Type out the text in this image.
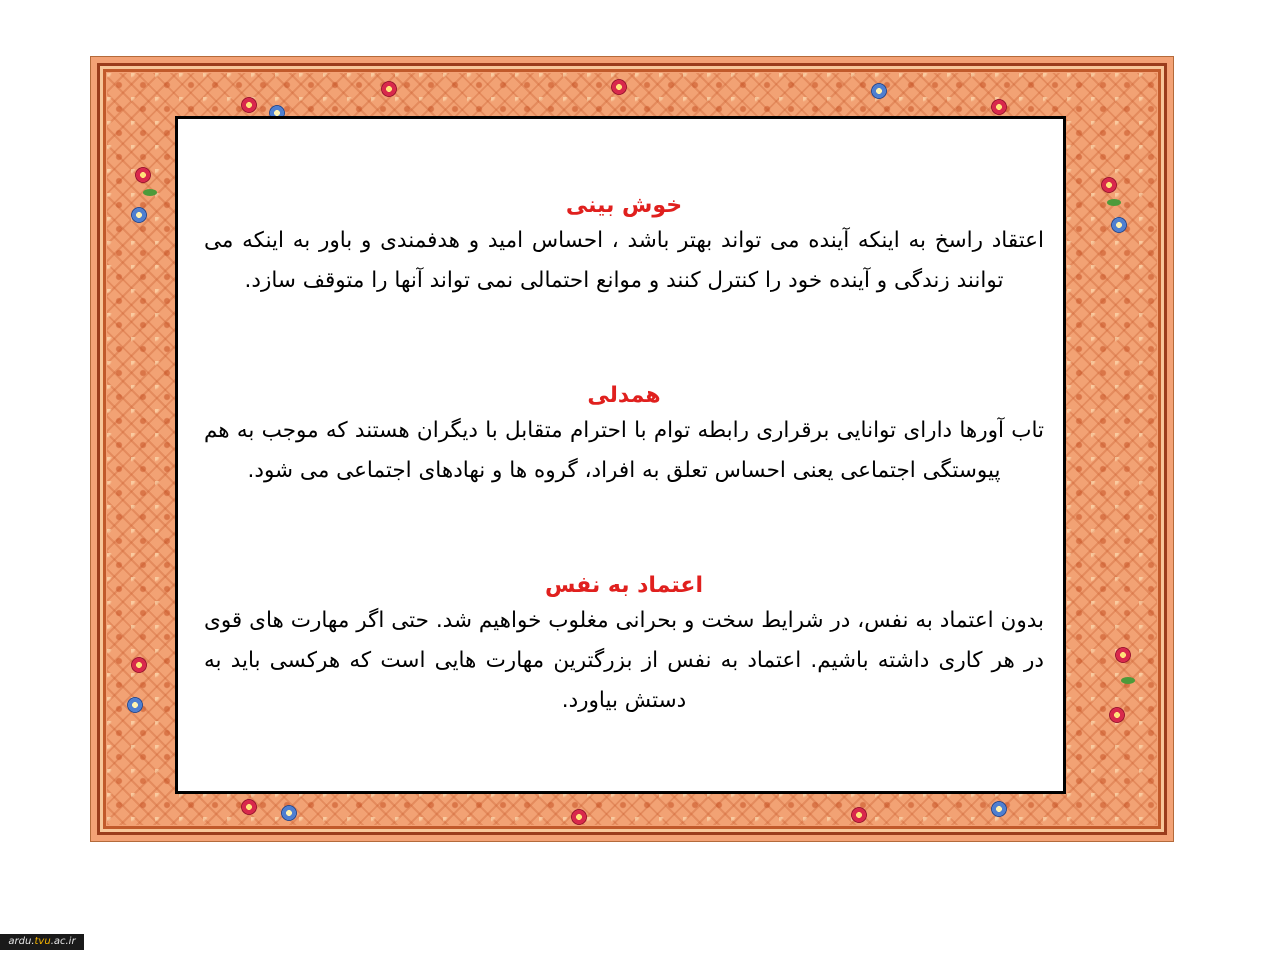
خوش بینی

اعتقاد راسخ به اینکه آینده می تواند بهتر باشد ، احساس امید و هدفمندی و باور به اینکه می توانند زندگی و آینده خود را کنترل کنند و موانع احتمالی نمی تواند آنها را متوقف سازد.

همدلی

تاب آورها دارای توانایی برقراری رابطه توام با احترام متقابل با دیگران هستند که موجب به هم پیوستگی اجتماعی یعنی احساس تعلق به افراد، گروه ها و نهادهای اجتماعی می شود.

اعتماد به نفس

بدون اعتماد به نفس، در شرایط سخت و بحرانی مغلوب خواهیم شد. حتی اگر مهارت های قوی در هر کاری داشته باشیم. اعتماد به نفس از بزرگترین مهارت هایی است که هرکسی باید به دستش بیاورد.

ardu.tvu.ac.ir
